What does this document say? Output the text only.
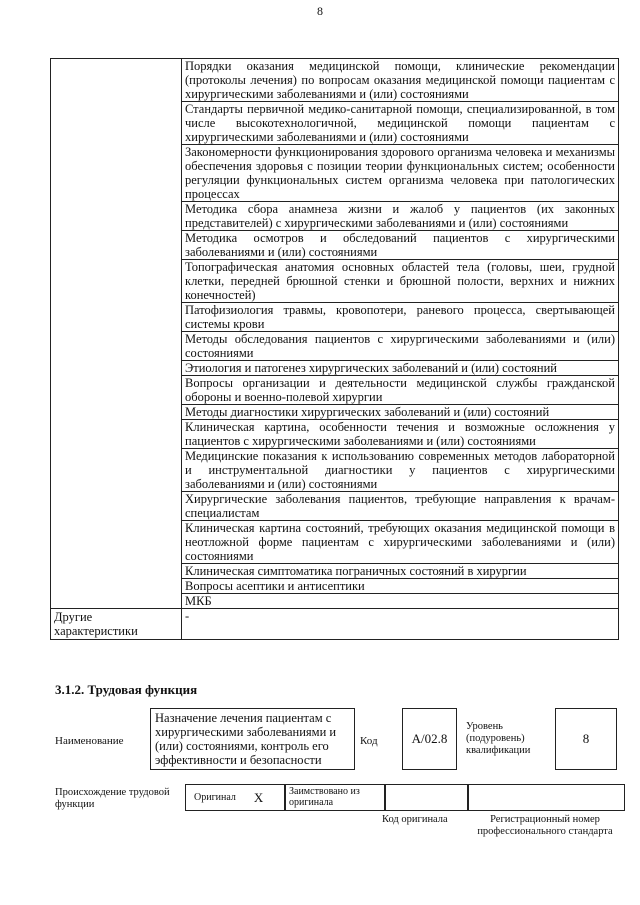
8
	Порядки оказания медицинской помощи, клинические рекомендации (протоколы лечения) по вопросам оказания медицинской помощи пациентам с хирургическими заболеваниями и (или) состояниями
	Стандарты первичной медико-санитарной помощи, специализированной, в том числе высокотехнологичной, медицинской помощи пациентам с хирургическими заболеваниями и (или) состояниями
	Закономерности функционирования здорового организма человека и механизмы обеспечения здоровья с позиции теории функциональных систем; особенности регуляции функциональных систем организма человека при патологических процессах
	Методика сбора анамнеза жизни и жалоб у пациентов (их законных представителей) с хирургическими заболеваниями и (или) состояниями
	Методика осмотров и обследований пациентов с хирургическими заболеваниями и (или) состояниями
	Топографическая анатомия основных областей тела (головы, шеи, грудной клетки, передней брюшной стенки и брюшной полости, верхних и нижних конечностей)
	Патофизиология травмы, кровопотери, раневого процесса, свертывающей системы крови
	Методы обследования пациентов с хирургическими заболеваниями и (или) состояниями
	Этиология и патогенез хирургических заболеваний и (или) состояний
	Вопросы организации и деятельности медицинской службы гражданской обороны и военно-полевой хирургии
	Методы диагностики хирургических заболеваний и (или) состояний
	Клиническая картина, особенности течения и возможные осложнения у пациентов с хирургическими заболеваниями и (или) состояниями
	Медицинские показания к использованию современных методов лабораторной и инструментальной диагностики у пациентов с хирургическими заболеваниями и (или) состояниями
	Хирургические заболевания пациентов, требующие направления к врачам-специалистам
	Клиническая картина состояний, требующих оказания медицинской помощи в неотложной форме пациентам с хирургическими заболеваниями и (или) состояниями
	Клиническая симптоматика пограничных состояний в хирургии
	Вопросы асептики и антисептики
	МКБ
Другие характеристики	-
3.1.2. Трудовая функция
Наименование
Назначение лечения пациентам с хирургическими заболеваниями и (или) состояниями, контроль его эффективности и безопасности
Код	A/02.8
Уровень (подуровень) квалификации
8
Происхождение трудовой функции
Оригинал X	Заимствовано из оригинала
Код оригинала	Регистрационный номер профессионального стандарта
